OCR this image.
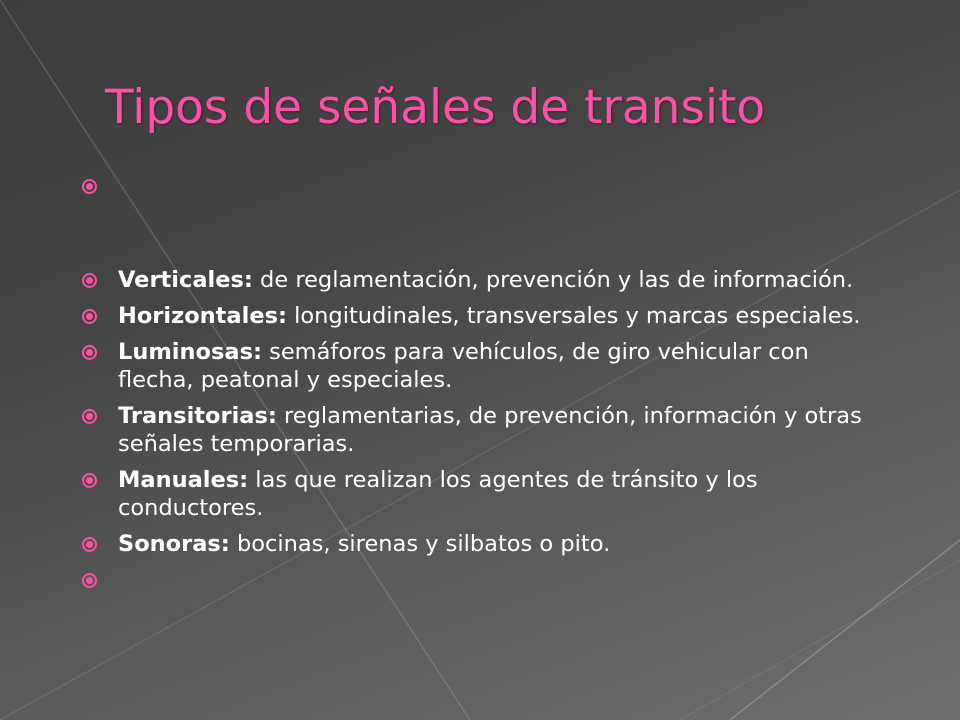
Tipos de señales de transito
Verticales: de reglamentación, prevención y las de información.
Horizontales: longitudinales, transversales y marcas especiales.
Luminosas: semáforos para vehículos, de giro vehicular con flecha, peatonal y especiales.
Transitorias: reglamentarias, de prevención, información y otras señales temporarias.
Manuales: las que realizan los agentes de tránsito y los conductores.
Sonoras: bocinas, sirenas y silbatos o pito.
